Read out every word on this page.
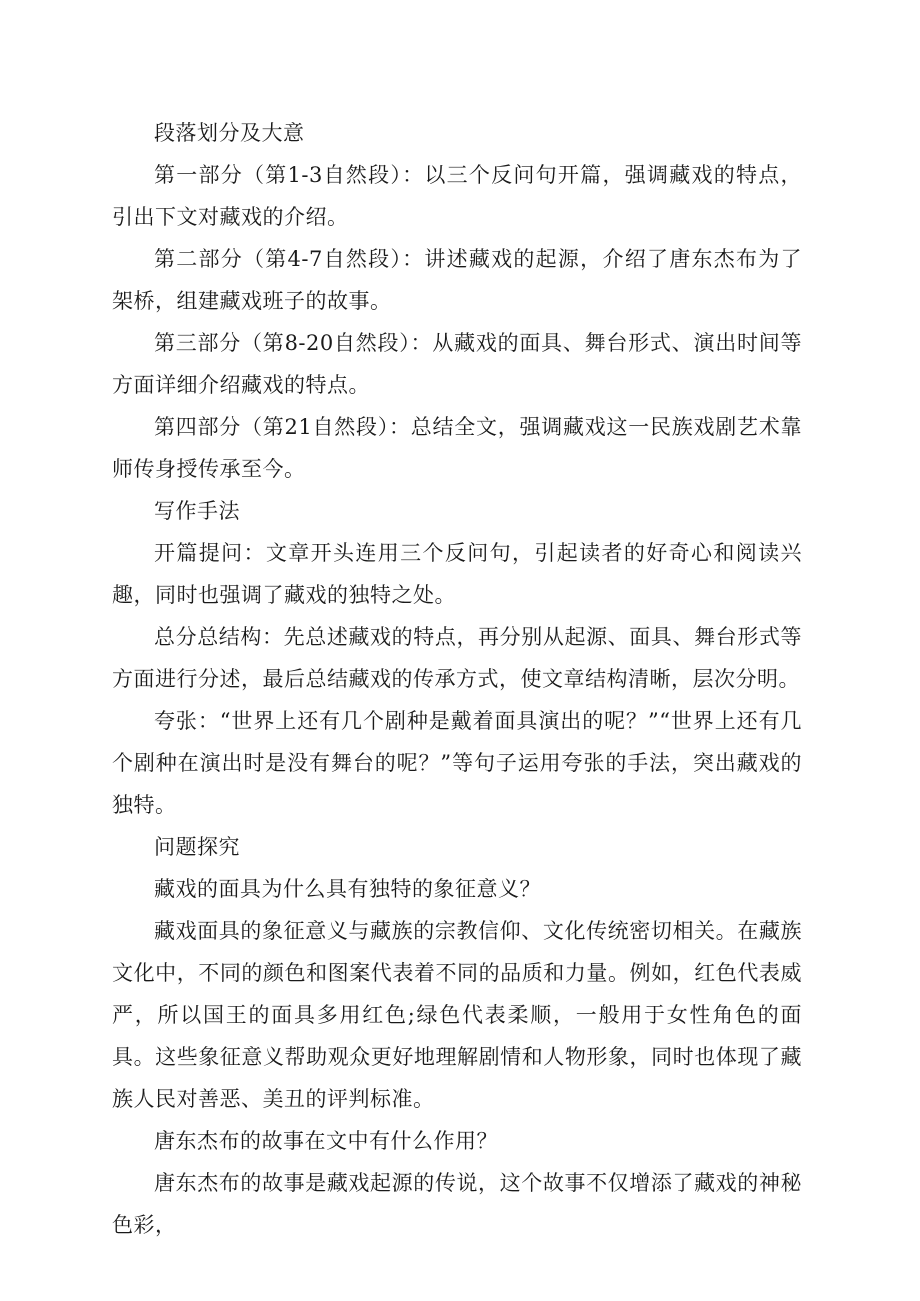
段落划分及大意

第一部分（第1-3自然段）：以三个反问句开篇，强调藏戏的特点，引出下文对藏戏的介绍。

第二部分（第4-7自然段）：讲述藏戏的起源，介绍了唐东杰布为了架桥，组建藏戏班子的故事。

第三部分（第8-20自然段）：从藏戏的面具、舞台形式、演出时间等方面详细介绍藏戏的特点。

第四部分（第21自然段）：总结全文，强调藏戏这一民族戏剧艺术靠师传身授传承至今。

写作手法

开篇提问：文章开头连用三个反问句，引起读者的好奇心和阅读兴趣，同时也强调了藏戏的独特之处。

总分总结构：先总述藏戏的特点，再分别从起源、面具、舞台形式等方面进行分述，最后总结藏戏的传承方式，使文章结构清晰，层次分明。

夸张：“世界上还有几个剧种是戴着面具演出的呢？”“世界上还有几个剧种在演出时是没有舞台的呢？”等句子运用夸张的手法，突出藏戏的独特。

问题探究

藏戏的面具为什么具有独特的象征意义？

藏戏面具的象征意义与藏族的宗教信仰、文化传统密切相关。在藏族文化中，不同的颜色和图案代表着不同的品质和力量。例如，红色代表威严，所以国王的面具多用红色;绿色代表柔顺，一般用于女性角色的面具。这些象征意义帮助观众更好地理解剧情和人物形象，同时也体现了藏族人民对善恶、美丑的评判标准。

唐东杰布的故事在文中有什么作用？

唐东杰布的故事是藏戏起源的传说，这个故事不仅增添了藏戏的神秘色彩，
